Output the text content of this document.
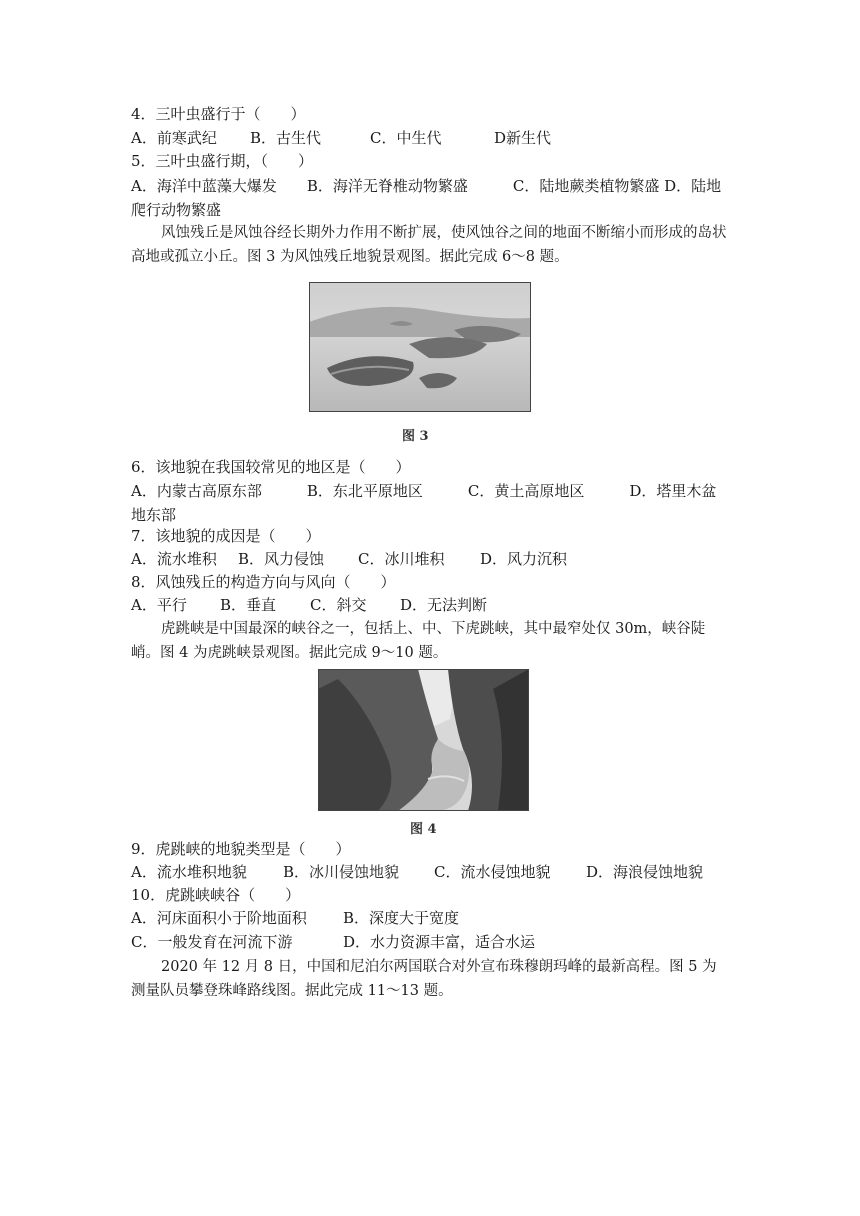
4．三叶虫盛行于（　　）
A．前寒武纪 B．古生代	C．中生代	D新生代
5．三叶虫盛行期，（　　）
A．海洋中蓝藻大爆发　　B．海洋无脊椎动物繁盛　　　C．陆地蕨类植物繁盛 D．陆地爬行动物繁盛
风蚀残丘是风蚀谷经长期外力作用不断扩展，使风蚀谷之间的地面不断缩小而形成的岛状高地或孤立小丘。图 3 为风蚀残丘地貌景观图。据此完成 6～8 题。
图 3
6．该地貌在我国较常见的地区是（　　）
A．内蒙古高原东部　　　B．东北平原地区　　　C．黄土高原地区　　　D．塔里木盆地东部
7．该地貌的成因是（　　）
A．流水堆积 B．风力侵蚀 C．冰川堆积 D．风力沉积
8．风蚀残丘的构造方向与风向（　　）
A．平行 B．垂直 C．斜交 D．无法判断
虎跳峡是中国最深的峡谷之一，包括上、中、下虎跳峡，其中最窄处仅 30m，峡谷陡峭。图 4 为虎跳峡景观图。据此完成 9～10 题。
图 4
9．虎跳峡的地貌类型是（　　）
A．流水堆积地貌 B．冰川侵蚀地貌 C．流水侵蚀地貌 D．海浪侵蚀地貌
10．虎跳峡峡谷（　　）
A．河床面积小于阶地面积 B．深度大于宽度
C．一般发育在河流下游	D．水力资源丰富，适合水运
2020 年 12 月 8 日，中国和尼泊尔两国联合对外宣布珠穆朗玛峰的最新高程。图 5 为测量队员攀登珠峰路线图。据此完成 11～13 题。
